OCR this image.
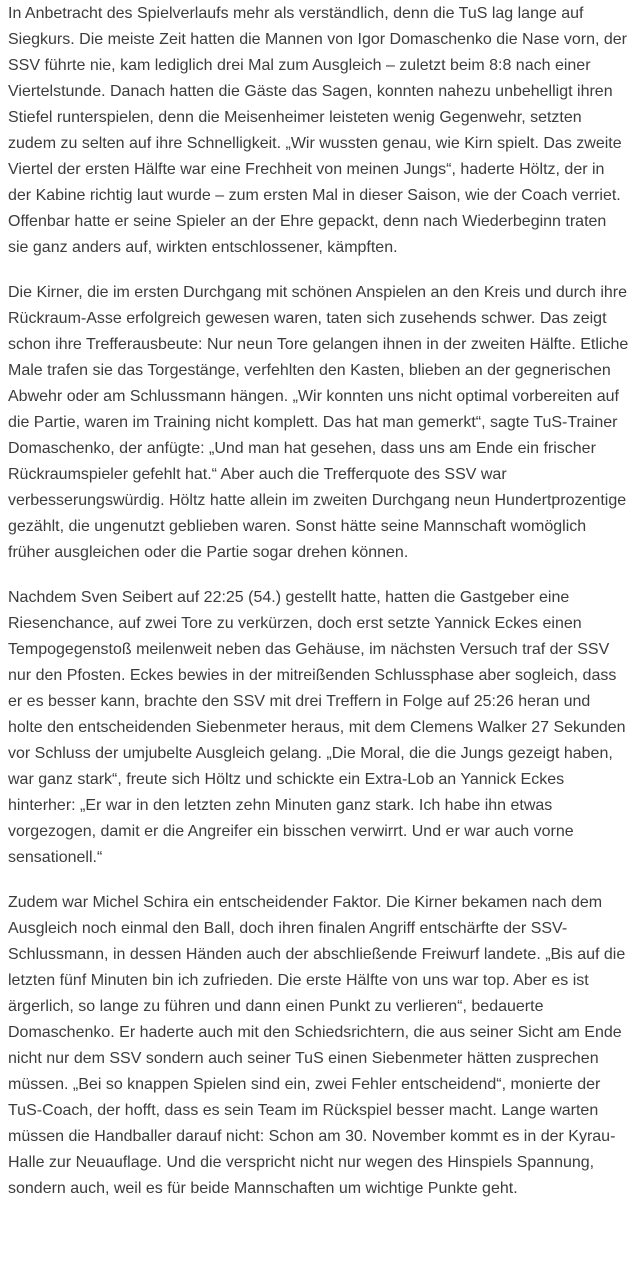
In Anbetracht des Spielverlaufs mehr als verständlich, denn die TuS lag lange auf Siegkurs. Die meiste Zeit hatten die Mannen von Igor Domaschenko die Nase vorn, der SSV führte nie, kam lediglich drei Mal zum Ausgleich – zuletzt beim 8:8 nach einer Viertelstunde. Danach hatten die Gäste das Sagen, konnten nahezu unbehelligt ihren Stiefel runterspielen, denn die Meisenheimer leisteten wenig Gegenwehr, setzten zudem zu selten auf ihre Schnelligkeit. „Wir wussten genau, wie Kirn spielt. Das zweite Viertel der ersten Hälfte war eine Frechheit von meinen Jungs“, haderte Höltz, der in der Kabine richtig laut wurde – zum ersten Mal in dieser Saison, wie der Coach verriet. Offenbar hatte er seine Spieler an der Ehre gepackt, denn nach Wiederbeginn traten sie ganz anders auf, wirkten entschlossener, kämpften.

Die Kirner, die im ersten Durchgang mit schönen Anspielen an den Kreis und durch ihre Rückraum-Asse erfolgreich gewesen waren, taten sich zusehends schwer. Das zeigt schon ihre Trefferausbeute: Nur neun Tore gelangen ihnen in der zweiten Hälfte. Etliche Male trafen sie das Torgestänge, verfehlten den Kasten, blieben an der gegnerischen Abwehr oder am Schlussmann hängen. „Wir konnten uns nicht optimal vorbereiten auf die Partie, waren im Training nicht komplett. Das hat man gemerkt“, sagte TuS-Trainer Domaschenko, der anfügte: „Und man hat gesehen, dass uns am Ende ein frischer Rückraumspieler gefehlt hat.“ Aber auch die Trefferquote des SSV war verbesserungswürdig. Höltz hatte allein im zweiten Durchgang neun Hundertprozentige gezählt, die ungenutzt geblieben waren. Sonst hätte seine Mannschaft womöglich früher ausgleichen oder die Partie sogar drehen können.

Nachdem Sven Seibert auf 22:25 (54.) gestellt hatte, hatten die Gastgeber eine Riesenchance, auf zwei Tore zu verkürzen, doch erst setzte Yannick Eckes einen Tempogegenstoß meilenweit neben das Gehäuse, im nächsten Versuch traf der SSV nur den Pfosten. Eckes bewies in der mitreißenden Schlussphase aber sogleich, dass er es besser kann, brachte den SSV mit drei Treffern in Folge auf 25:26 heran und holte den entscheidenden Siebenmeter heraus, mit dem Clemens Walker 27 Sekunden vor Schluss der umjubelte Ausgleich gelang. „Die Moral, die die Jungs gezeigt haben, war ganz stark“, freute sich Höltz und schickte ein Extra-Lob an Yannick Eckes hinterher: „Er war in den letzten zehn Minuten ganz stark. Ich habe ihn etwas vorgezogen, damit er die Angreifer ein bisschen verwirrt. Und er war auch vorne sensationell.“

Zudem war Michel Schira ein entscheidender Faktor. Die Kirner bekamen nach dem Ausgleich noch einmal den Ball, doch ihren finalen Angriff entschärfte der SSV-Schlussmann, in dessen Händen auch der abschließende Freiwurf landete. „Bis auf die letzten fünf Minuten bin ich zufrieden. Die erste Hälfte von uns war top. Aber es ist ärgerlich, so lange zu führen und dann einen Punkt zu verlieren“, bedauerte Domaschenko. Er haderte auch mit den Schiedsrichtern, die aus seiner Sicht am Ende nicht nur dem SSV sondern auch seiner TuS einen Siebenmeter hätten zusprechen müssen. „Bei so knappen Spielen sind ein, zwei Fehler entscheidend“, monierte der TuS-Coach, der hofft, dass es sein Team im Rückspiel besser macht. Lange warten müssen die Handballer darauf nicht: Schon am 30. November kommt es in der Kyrau-Halle zur Neuauflage. Und die verspricht nicht nur wegen des Hinspiels Spannung, sondern auch, weil es für beide Mannschaften um wichtige Punkte geht.
